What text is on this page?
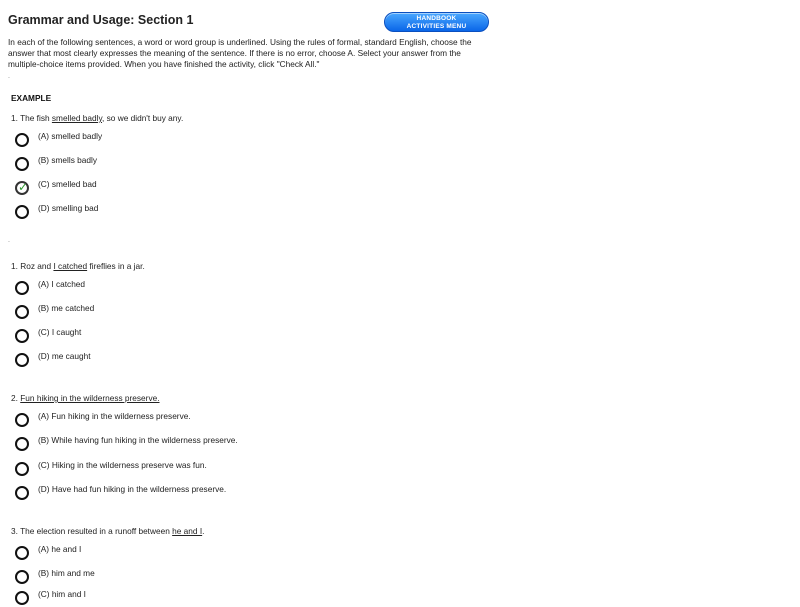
Grammar and Usage: Section 1	HANDBOOK
ACTIVITIES MENU
In each of the following sentences, a word or word group is underlined. Using the rules of formal, standard English, choose the answer that most clearly expresses the meaning of the sentence. If there is no error, choose A. Select your answer from the multiple-choice items provided. When you have finished the activity, click "Check All."
.
EXAMPLE
1. The fish smelled badly, so we didn't buy any.
(A) smelled badly
(B) smells badly
✓ (C) smelled bad
(D) smelling bad
.
1. Roz and I catched fireflies in a jar.
(A) I catched
(B) me catched
(C) I caught
(D) me caught
2. Fun hiking in the wilderness preserve.
(A) Fun hiking in the wilderness preserve.
(B) While having fun hiking in the wilderness preserve.
(C) Hiking in the wilderness preserve was fun.
(D) Have had fun hiking in the wilderness preserve.
3. The election resulted in a runoff between he and I.
(A) he and I
(B) him and me
(C) him and I
